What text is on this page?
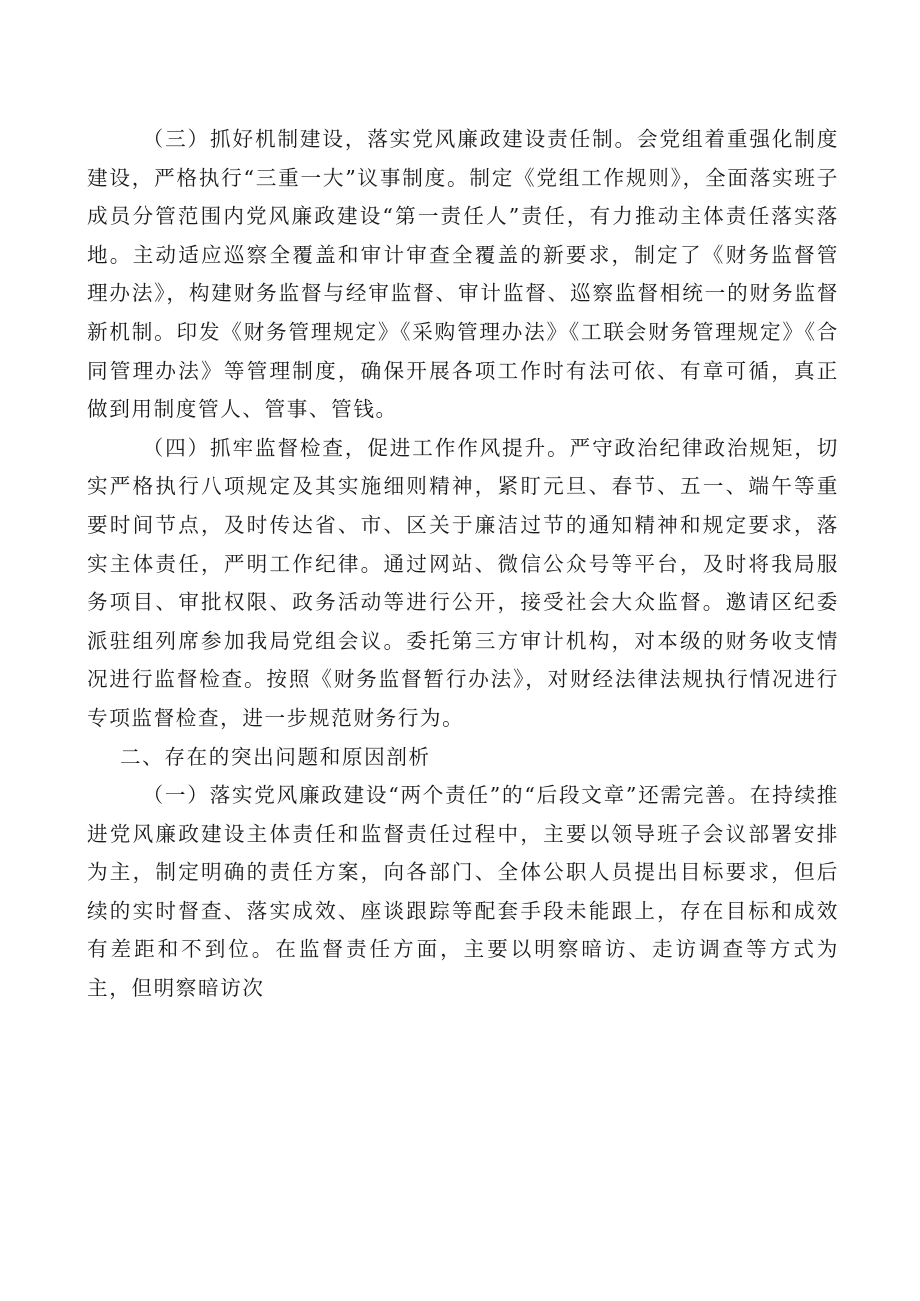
（三）抓好机制建设，落实党风廉政建设责任制。会党组着重强化制度建设，严格执行“三重一大”议事制度。制定《党组工作规则》，全面落实班子成员分管范围内党风廉政建设“第一责任人”责任，有力推动主体责任落实落地。主动适应巡察全覆盖和审计审查全覆盖的新要求，制定了《财务监督管理办法》，构建财务监督与经审监督、审计监督、巡察监督相统一的财务监督新机制。印发《财务管理规定》《采购管理办法》《工联会财务管理规定》《合同管理办法》等管理制度，确保开展各项工作时有法可依、有章可循，真正做到用制度管人、管事、管钱。

（四）抓牢监督检查，促进工作作风提升。严守政治纪律政治规矩，切实严格执行八项规定及其实施细则精神，紧盯元旦、春节、五一、端午等重要时间节点，及时传达省、市、区关于廉洁过节的通知精神和规定要求，落实主体责任，严明工作纪律。通过网站、微信公众号等平台，及时将我局服务项目、审批权限、政务活动等进行公开，接受社会大众监督。邀请区纪委派驻组列席参加我局党组会议。委托第三方审计机构，对本级的财务收支情况进行监督检查。按照《财务监督暂行办法》，对财经法律法规执行情况进行专项监督检查，进一步规范财务行为。

二、存在的突出问题和原因剖析

（一）落实党风廉政建设“两个责任”的“后段文章”还需完善。在持续推进党风廉政建设主体责任和监督责任过程中，主要以领导班子会议部署安排为主，制定明确的责任方案，向各部门、全体公职人员提出目标要求，但后续的实时督查、落实成效、座谈跟踪等配套手段未能跟上，存在目标和成效有差距和不到位。在监督责任方面，主要以明察暗访、走访调查等方式为主，但明察暗访次
